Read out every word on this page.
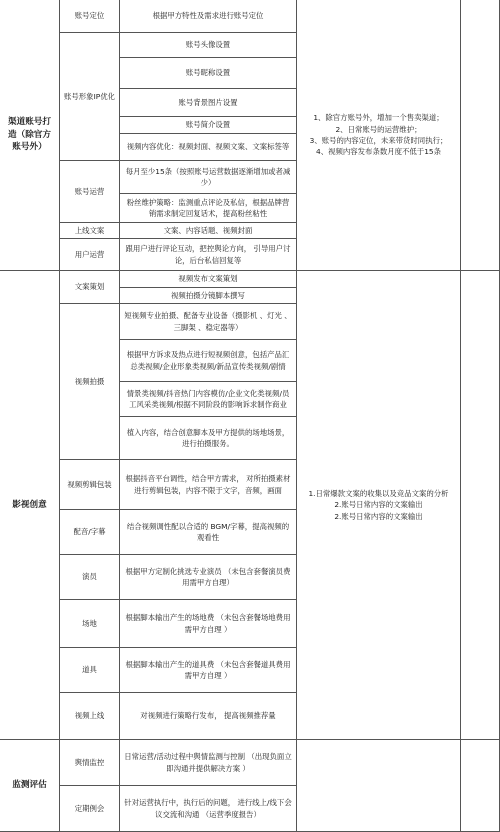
渠道账号打造（除官方账号外）
影视创意
监测评估
账号定位
账号形象IP优化
账号运营
上线文案
用户运营
文案策划
视频拍摄
视频剪辑包装
配音/字幕
演员
场地
道具
视频上线
舆情监控
定期例会
根据甲方特性及需求进行账号定位
账号头像设置
账号昵称设置
账号背景图片设置
账号简介设置
视频内容优化：视频封面、视频文案、文案标签等
每月至少15条（按照账号运营数据逐渐增加或者减少）
粉丝维护策略：监测重点评论及私信，根据品牌营销需求制定回复话术，提高粉丝粘性
文案、内容话题、视频封面
跟用户进行评论互动，把控舆论方向， 引导用户讨论，后台私信回复等
视频发布文案策划
视频拍摄分镜脚本撰写
短视频专业拍摄、配备专业设备（摄影机 、灯光 、三脚架 、稳定器等）
根据甲方诉求及热点进行短视频创意，包括产品汇总类视频/企业形象类视频/新品宣传类视频/剧情
情景类视频/抖音热门内容模仿/企业文化类视频/员工风采类视频/根据不同阶段的影响诉求制作商业
植入内容，结合创意脚本及甲方提供的场地场景，进行拍摄服务。
根据抖音平台调性，结合甲方需求， 对所拍摄素材进行剪辑包装，内容不限于文字，音频，画面
结合视频调性配以合适的 BGM/字幕，提高视频的观看性
根据甲方定制化挑选专业演员 （未包含套餐演员费用需甲方自理）
根据脚本输出产生的场地费 （未包含套餐场地费用需甲方自理 ）
根据脚本输出产生的道具费 （未包含套餐道具费用需甲方自理 ）
对视频进行策略行发布， 提高视频推荐量
日常运营/活动过程中舆情监测与控制 （出现负面立即沟通并提供解决方案 ）
针对运营执行中，执行后的问题， 进行线上/线下会议交流和沟通 （运营季度报告）
1、除官方账号外，增加一个售卖渠道；
2、日常账号的运营维护；
3、账号的内容定位，未来带货时同执行；
4、视频内容发布条数月度不低于15条
1.日常爆款文案的收集以及竞品文案的分析
2.账号日常内容的文案输出
2.账号日常内容的文案输出
